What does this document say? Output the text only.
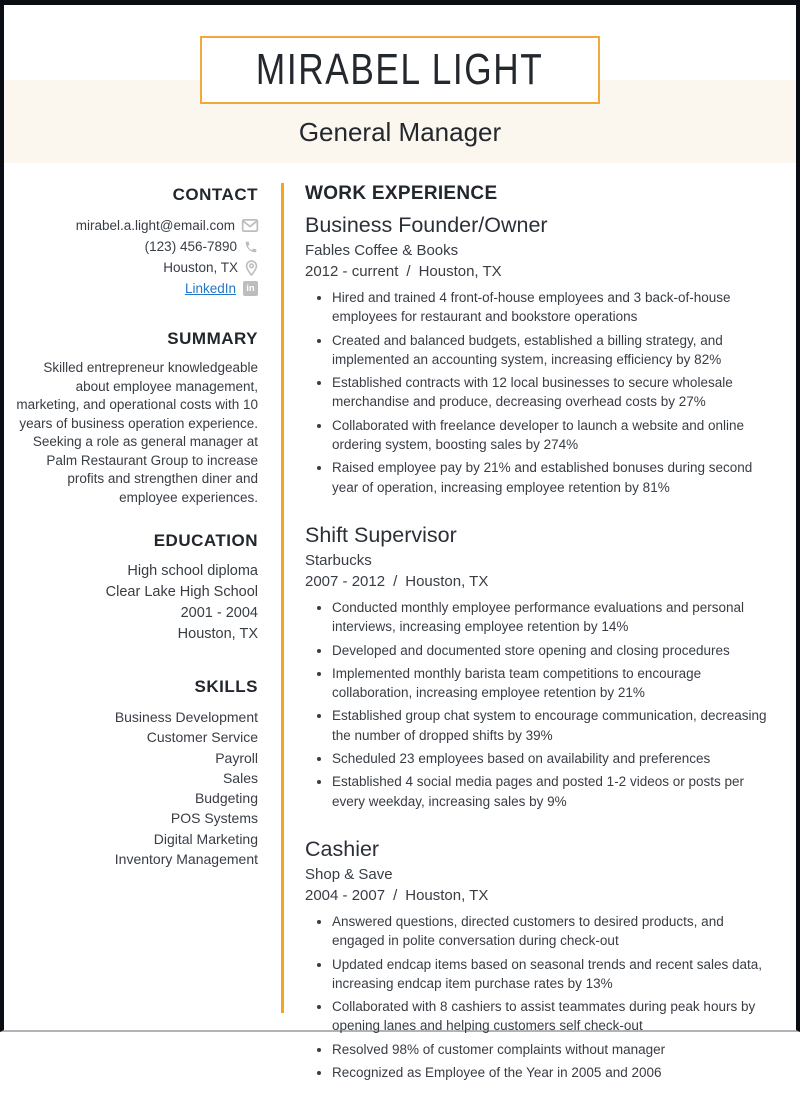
MIRABEL LIGHT
General Manager
CONTACT
mirabel.a.light@email.com
(123) 456-7890
Houston, TX
LinkedIn	in
SUMMARY

Skilled entrepreneur knowledgeable about employee management, marketing, and operational costs with 10 years of business operation experience. Seeking a role as general manager at Palm Restaurant Group to increase profits and strengthen diner and employee experiences.

EDUCATION
High school diploma
Clear Lake High School
2001 - 2004
Houston, TX
SKILLS
Business Development
Customer Service
Payroll
Sales
Budgeting
POS Systems
Digital Marketing
Inventory Management
WORK EXPERIENCE
Business Founder/Owner
Fables Coffee & Books
2012 - current / Houston, TX
• Hired and trained 4 front-of-house employees and 3 back-of-house employees for restaurant and bookstore operations
• Created and balanced budgets, established a billing strategy, and implemented an accounting system, increasing efficiency by 82%
• Established contracts with 12 local businesses to secure wholesale merchandise and produce, decreasing overhead costs by 27%
• Collaborated with freelance developer to launch a website and online ordering system, boosting sales by 274%
• Raised employee pay by 21% and established bonuses during second year of operation, increasing employee retention by 81%
Shift Supervisor
Starbucks
2007 - 2012 / Houston, TX
• Conducted monthly employee performance evaluations and personal interviews, increasing employee retention by 14%
• Developed and documented store opening and closing procedures
• Implemented monthly barista team competitions to encourage collaboration, increasing employee retention by 21%
• Established group chat system to encourage communication, decreasing the number of dropped shifts by 39%
• Scheduled 23 employees based on availability and preferences
• Established 4 social media pages and posted 1-2 videos or posts per every weekday, increasing sales by 9%
Cashier
Shop & Save
2004 - 2007 / Houston, TX
• Answered questions, directed customers to desired products, and engaged in polite conversation during check-out
• Updated endcap items based on seasonal trends and recent sales data, increasing endcap item purchase rates by 13%
• Collaborated with 8 cashiers to assist teammates during peak hours by opening lanes and helping customers self check-out
• Resolved 98% of customer complaints without manager
• Recognized as Employee of the Year in 2005 and 2006
